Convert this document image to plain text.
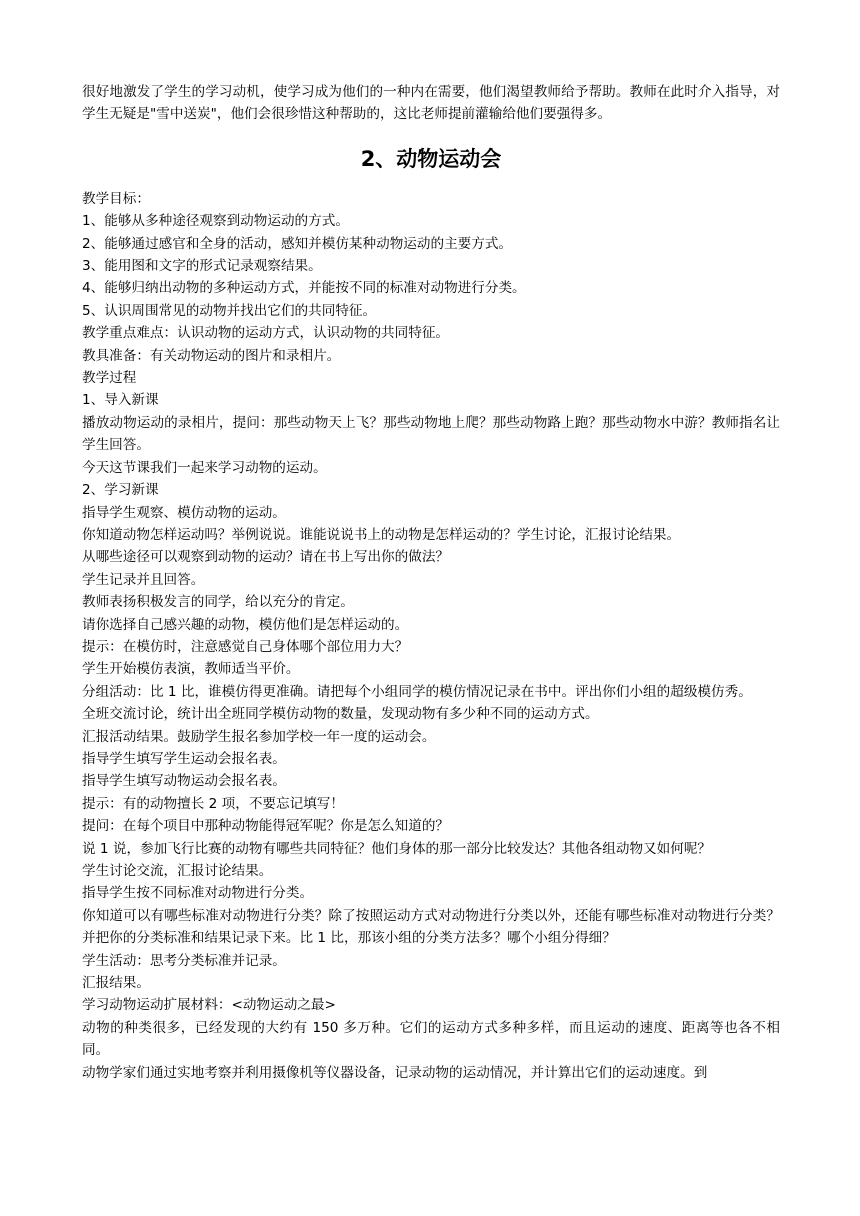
很好地激发了学生的学习动机，使学习成为他们的一种内在需要，他们渴望教师给予帮助。教师在此时介入指导，对学生无疑是"雪中送炭"，他们会很珍惜这种帮助的，这比老师提前灌输给他们要强得多。

2、动物运动会

教学目标：

1、能够从多种途径观察到动物运动的方式。

2、能够通过感官和全身的活动，感知并模仿某种动物运动的主要方式。

3、能用图和文字的形式记录观察结果。

4、能够归纳出动物的多种运动方式，并能按不同的标准对动物进行分类。

5、认识周围常见的动物并找出它们的共同特征。

教学重点难点：认识动物的运动方式，认识动物的共同特征。

教具准备：有关动物运动的图片和录相片。

教学过程

1、导入新课

播放动物运动的录相片，提问：那些动物天上飞？那些动物地上爬？那些动物路上跑？那些动物水中游？教师指名让学生回答。

今天这节课我们一起来学习动物的运动。

2、学习新课

指导学生观察、模仿动物的运动。

你知道动物怎样运动吗？举例说说。谁能说说书上的动物是怎样运动的？学生讨论，汇报讨论结果。

从哪些途径可以观察到动物的运动？请在书上写出你的做法？

学生记录并且回答。

教师表扬积极发言的同学，给以充分的肯定。

请你选择自己感兴趣的动物，模仿他们是怎样运动的。

提示：在模仿时，注意感觉自己身体哪个部位用力大？

学生开始模仿表演，教师适当平价。

分组活动：比 1 比，谁模仿得更准确。请把每个小组同学的模仿情况记录在书中。评出你们小组的超级模仿秀。

全班交流讨论，统计出全班同学模仿动物的数量，发现动物有多少种不同的运动方式。

汇报活动结果。鼓励学生报名参加学校一年一度的运动会。

指导学生填写学生运动会报名表。

指导学生填写动物运动会报名表。

提示：有的动物擅长 2 项，不要忘记填写！

提问：在每个项目中那种动物能得冠军呢？你是怎么知道的？

说 1 说，参加飞行比赛的动物有哪些共同特征？他们身体的那一部分比较发达？其他各组动物又如何呢？

学生讨论交流，汇报讨论结果。

指导学生按不同标准对动物进行分类。

你知道可以有哪些标准对动物进行分类？除了按照运动方式对动物进行分类以外，还能有哪些标准对动物进行分类？并把你的分类标准和结果记录下来。比 1 比，那该小组的分类方法多？哪个小组分得细？

学生活动：思考分类标准并记录。

汇报结果。

学习动物运动扩展材料：<动物运动之最>

动物的种类很多，已经发现的大约有 150 多万种。它们的运动方式多种多样，而且运动的速度、距离等也各不相同。

动物学家们通过实地考察并利用摄像机等仪器设备，记录动物的运动情况，并计算出它们的运动速度。到
